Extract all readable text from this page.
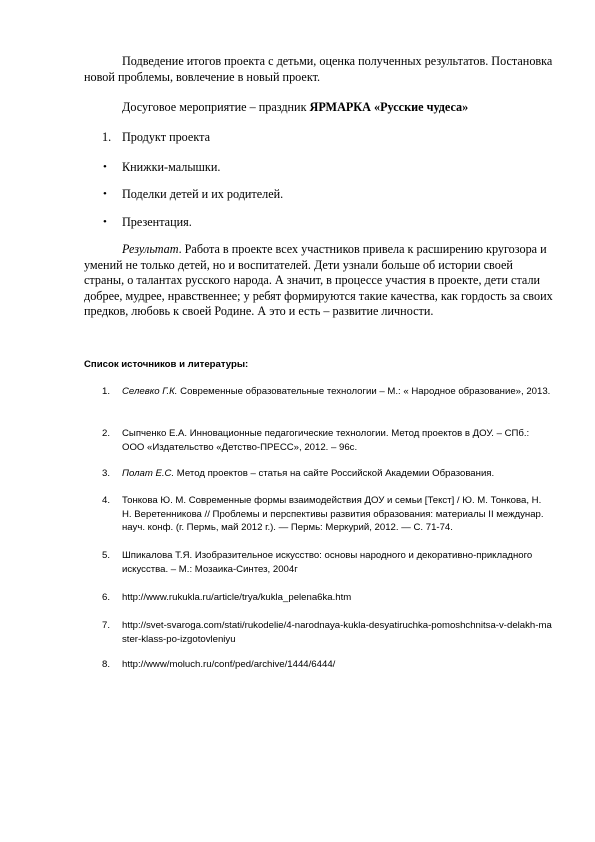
Подведение итогов проекта с детьми, оценка полученных результатов. Постановка новой проблемы, вовлечение в новый проект.

Досуговое мероприятие – праздник ЯРМАРКА «Русские чудеса»

1. Продукт проекта

• Книжки-малышки.

• Поделки детей и их родителей.

• Презентация.

Результат. Работа в проекте всех участников привела к расширению кругозора и умений не только детей, но и воспитателей. Дети узнали больше об истории своей страны, о талантах русского народа. А значит, в процессе участия в проекте, дети стали добрее, мудрее, нравственнее; у ребят формируются такие качества, как гордость за своих предков, любовь к своей Родине. А это и есть – развитие личности.

Список источников и литературы:

1. Селевко Г.К. Современные образовательные технологии – М.: « Народное образование», 2013.

2. Сыпченко Е.А. Инновационные педагогические технологии. Метод проектов в ДОУ. – СПб.: ООО «Издательство «Детство-ПРЕСС», 2012. – 96с.

3. Полат Е.С. Метод проектов – статья на сайте Российской Академии Образования.

4. Тонкова Ю. М. Современные формы взаимодействия ДОУ и семьи [Текст] / Ю. М. Тонкова, Н. Н. Веретенникова // Проблемы и перспективы развития образования: материалы II междунар. науч. конф. (г. Пермь, май 2012 г.). — Пермь: Меркурий, 2012. — С. 71-74.

5. Шпикалова Т.Я. Изобразительное искусство: основы народного и декоративно-прикладного искусства. – М.: Мозаика-Синтез, 2004г

6. http://www.rukukla.ru/article/trya/kukla_pelena6ka.htm

7. http://svet-svaroga.com/stati/rukodelie/4-narodnaya-kukla-desyatiruchka-pomoshchnitsa-v-delakh-master-klass-po-izgotovleniyu

8. http://www/moluch.ru/conf/ped/archive/1444/6444/
